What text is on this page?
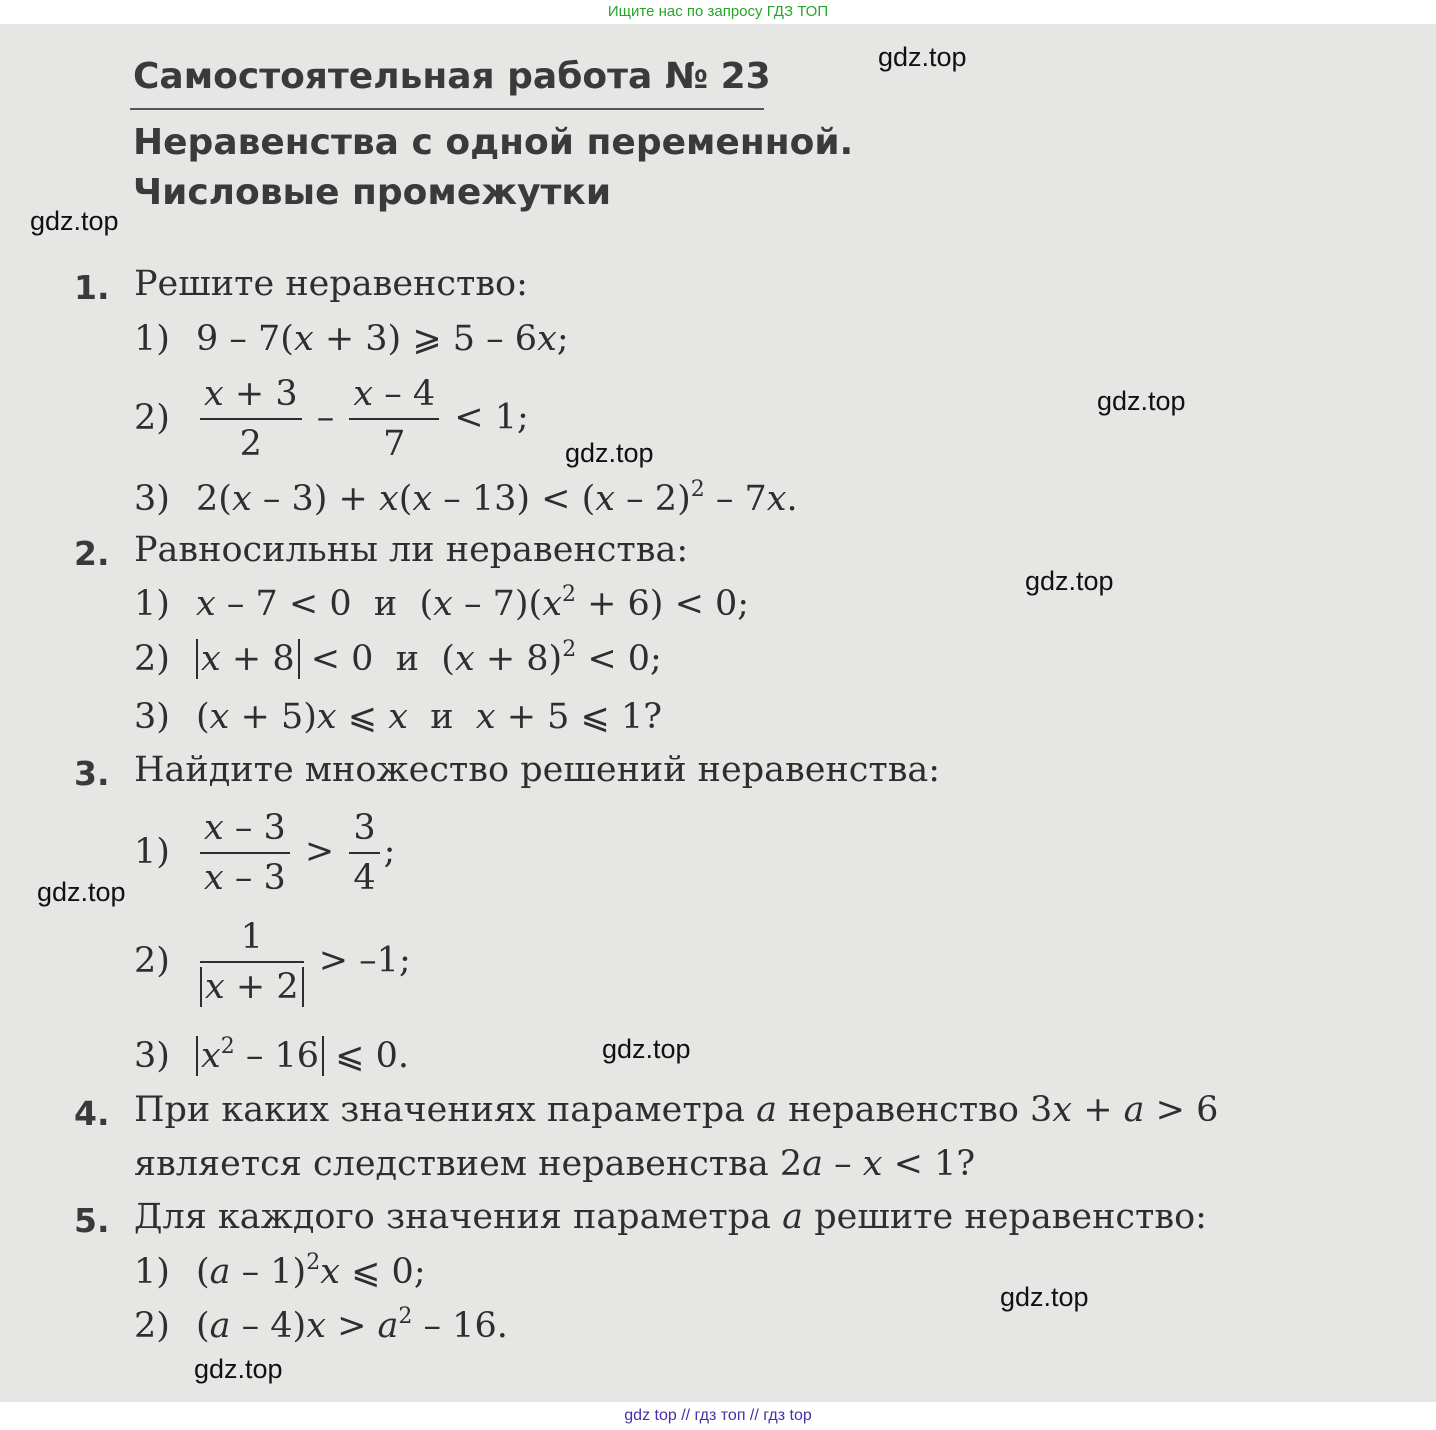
Ищите нас по запросу ГДЗ ТОП
Самостоятельная работа № 23
Неравенства с одной переменной.
Числовые промежутки
1. Решите неравенство:
1) 9 – 7(x + 3) ⩾ 5 – 6x;
$2) \frac{x + 3}{2} - \frac{x - 4}{7} < 1$;
3) 2(x – 3) + x(x – 13) < (x – 2)$^2$ – 7x.
2. Равносильны ли неравенства:
1) x – 7 < 0  и  $(x - 7)(x^2 + 6) < 0$;
2) x + 8 < 0  и  $(x + 8)^2 < 0$;
3) (x + 5)x ⩽ x  и  x + 5 ⩽ 1?
3. Найдите множество решений неравенства:
$1) \frac{x - 3}{x - 3} > \frac{3}{4}$ ;
$2) \frac{1}{x + 2} > -1$;
3) $x^2 - 16$ ⩽ 0.
4. При каких значениях параметра a неравенство 3x + a > 6
является следствием неравенства 2a – x < 1?
5. Для каждого значения параметра a решите неравенство:
1) (a – 1)$^2$x ⩽ 0;
2) $(a - 4)x > a^2 - 16$.
gdz.top
gdz.top
gdz.top
gdz.top
gdz.top
gdz.top
gdz.top
gdz.top
gdz.top
gdz top // гдз топ // гдз top
